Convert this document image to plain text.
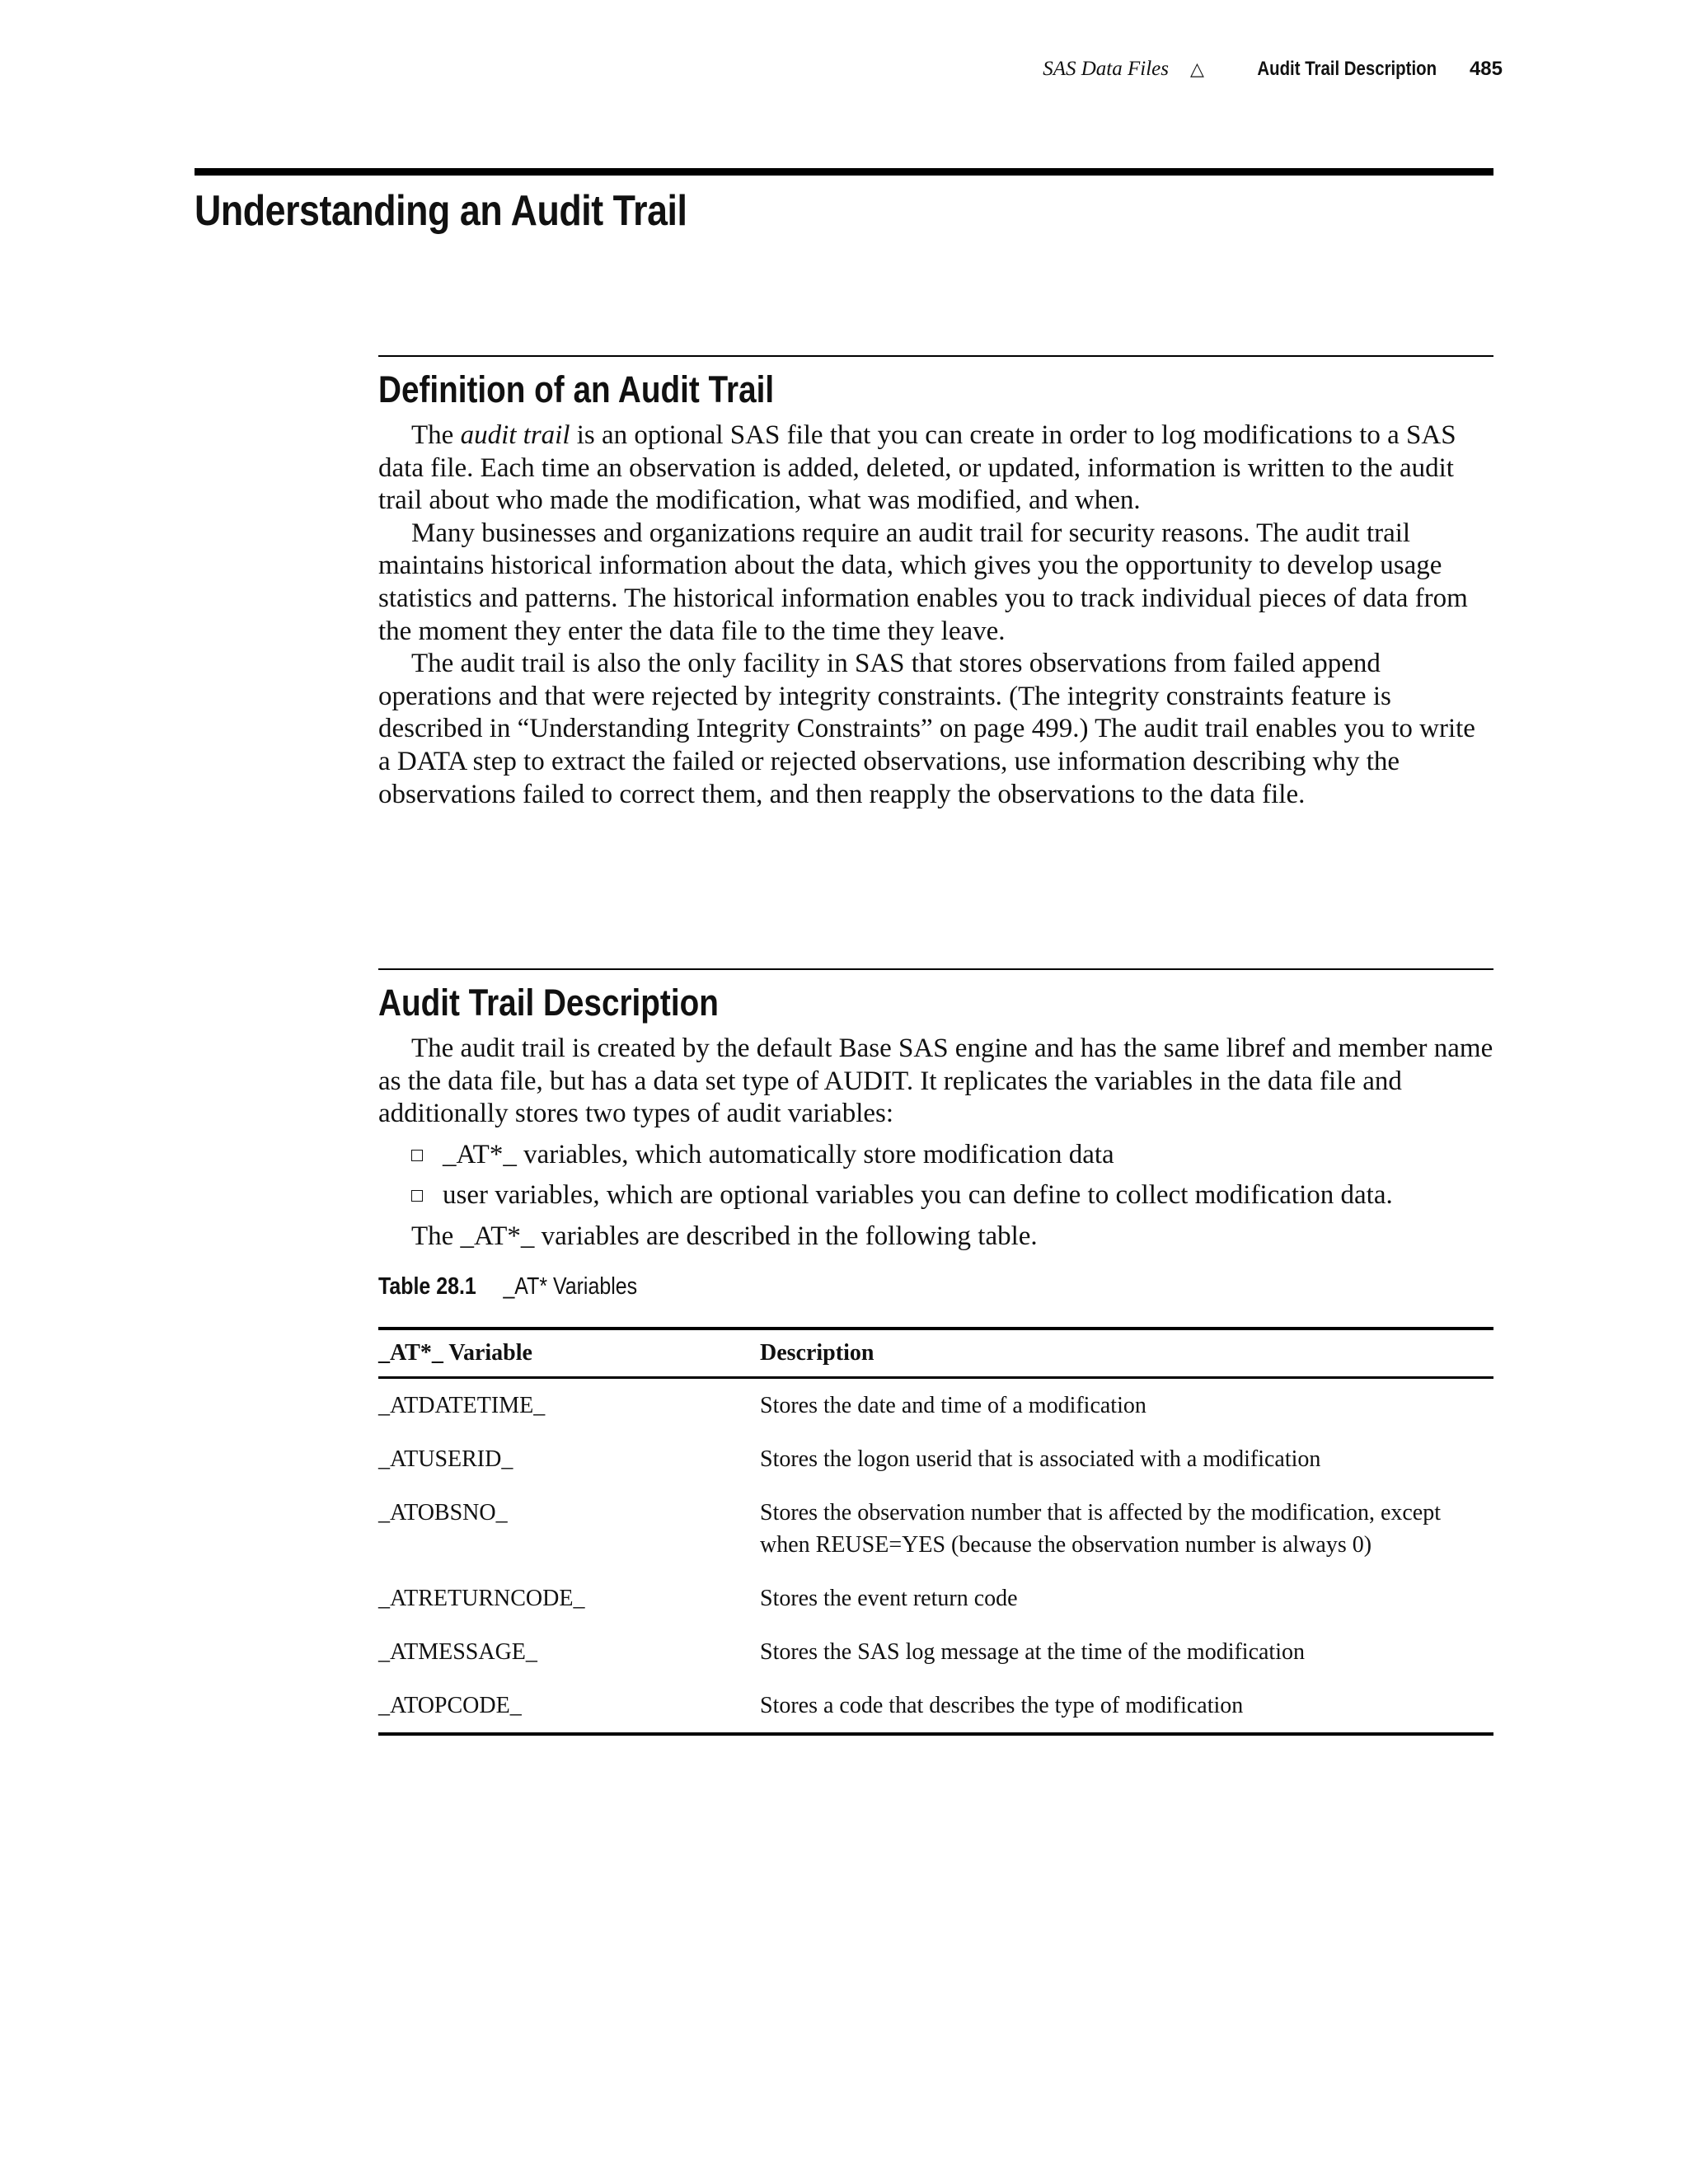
SAS Data Files △	Audit Trail Description 485
Understanding an Audit Trail
Definition of an Audit Trail

The audit trail is an optional SAS file that you can create in order to log modifications to a SAS data file. Each time an observation is added, deleted, or updated, information is written to the audit trail about who made the modification, what was modified, and when.

Many businesses and organizations require an audit trail for security reasons. The audit trail maintains historical information about the data, which gives you the opportunity to develop usage statistics and patterns. The historical information enables you to track individual pieces of data from the moment they enter the data file to the time they leave.

The audit trail is also the only facility in SAS that stores observations from failed append operations and that were rejected by integrity constraints. (The integrity constraints feature is described in “Understanding Integrity Constraints” on page 499.) The audit trail enables you to write a DATA step to extract the failed or rejected observations, use information describing why the observations failed to correct them, and then reapply the observations to the data file.

Audit Trail Description

The audit trail is created by the default Base SAS engine and has the same libref and member name as the data file, but has a data set type of AUDIT. It replicates the variables in the data file and additionally stores two types of audit variables:

_AT*_ variables, which automatically store modification data
user variables, which are optional variables you can define to collect modification data.

The _AT*_ variables are described in the following table.

Table 28.1 _AT* Variables
_AT*_ Variable	Description
_ATDATETIME_	Stores the date and time of a modification
_ATUSERID_	Stores the logon userid that is associated with a modification
_ATOBSNO_	Stores the observation number that is affected by the modification, except when REUSE=YES (because the observation number is always 0)
_ATRETURNCODE_	Stores the event return code
_ATMESSAGE_	Stores the SAS log message at the time of the modification
_ATOPCODE_	Stores a code that describes the type of modification
